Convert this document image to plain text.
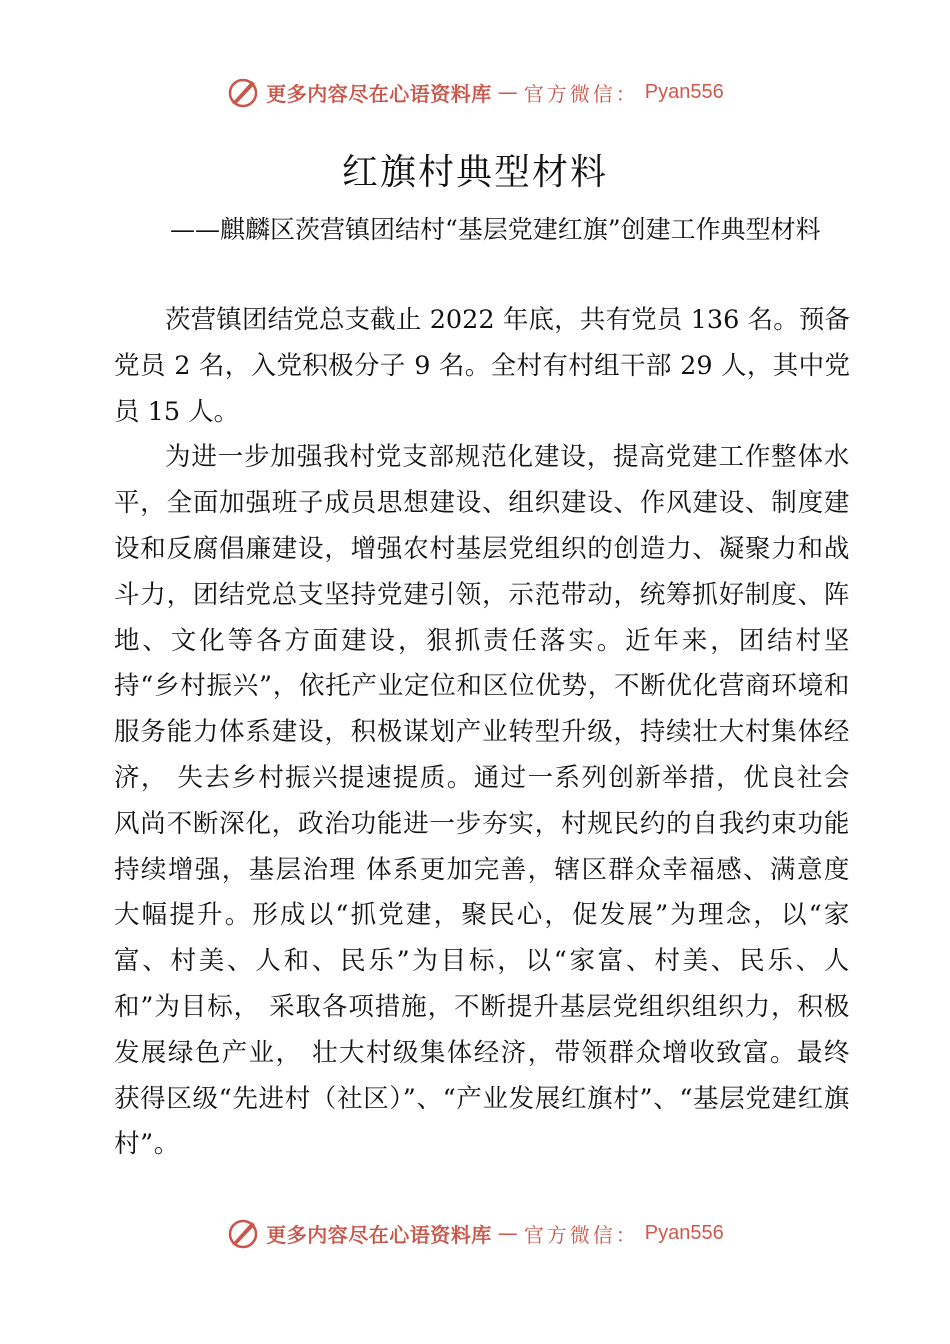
更多内容尽在心语资料库 — 官方微信： Pyan556
红旗村典型材料

——麒麟区茨营镇团结村“基层党建红旗”创建工作典型材料

茨营镇团结党总支截止 2022 年底，共有党员 136 名。预备党员 2 名，入党积极分子 9 名。全村有村组干部 29 人，其中党员 15 人。

为进一步加强我村党支部规范化建设，提高党建工作整体水平，全面加强班子成员思想建设、组织建设、作风建设、制度建设和反腐倡廉建设，增强农村基层党组织的创造力、凝聚力和战斗力，团结党总支坚持党建引领，示范带动，统筹抓好制度、阵地、文化等各方面建设，狠抓责任落实。近年来，团结村坚持“乡村振兴”，依托产业定位和区位优势，不断优化营商环境和服务能力体系建设，积极谋划产业转型升级，持续壮大村集体经济， 失去乡村振兴提速提质。通过一系列创新举措，优良社会风尚不断深化，政治功能进一步夯实，村规民约的自我约束功能持续增强，基层治理 体系更加完善，辖区群众幸福感、满意度大幅提升。形成以“抓党建，聚民心，促发展”为理念，以“家富、村美、人和、民乐”为目标，以“家富、村美、民乐、人和”为目标， 采取各项措施，不断提升基层党组织组织力，积极发展绿色产业， 壮大村级集体经济，带领群众增收致富。最终获得区级“先进村（社区）”、“产业发展红旗村”、“基层党建红旗村”。

更多内容尽在心语资料库 — 官方微信： Pyan556
